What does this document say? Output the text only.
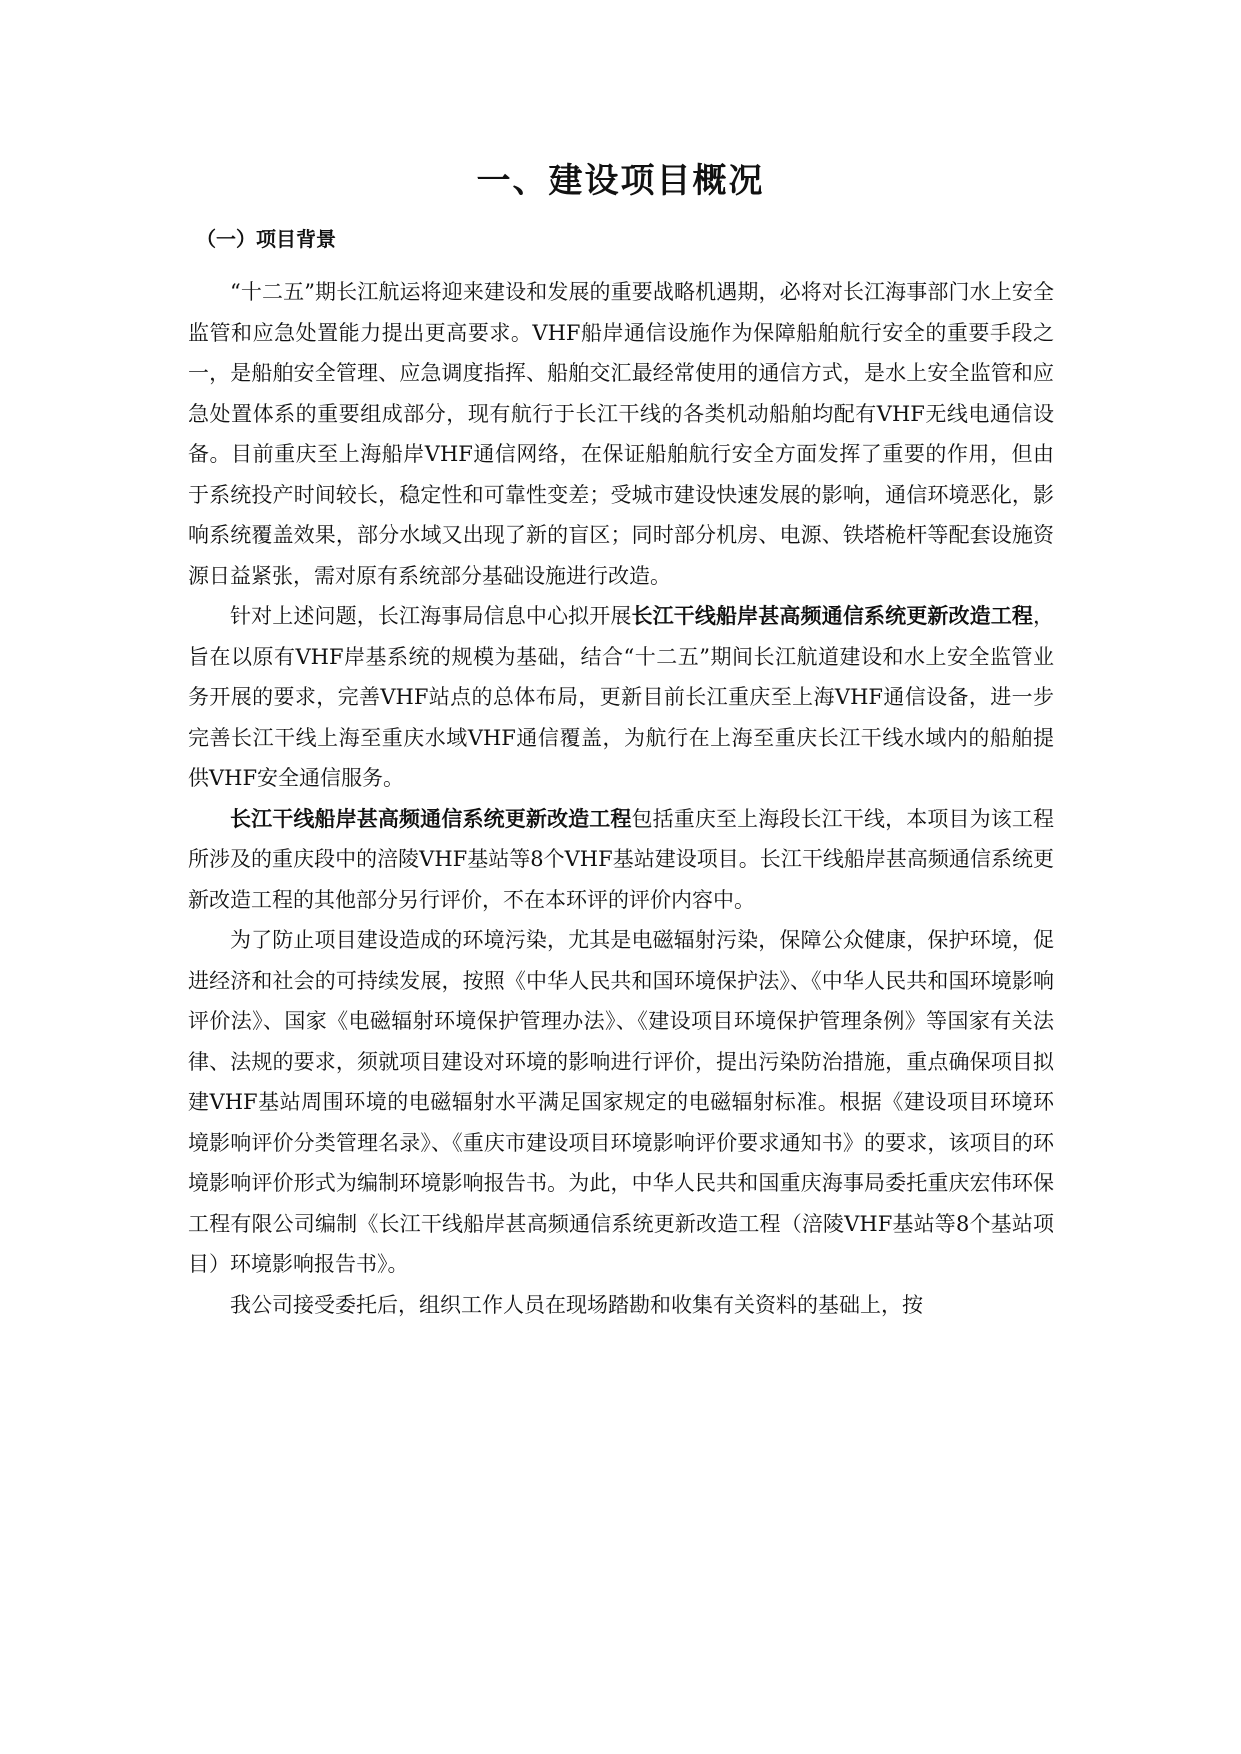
一、建设项目概况
（一）项目背景

“十二五”期长江航运将迎来建设和发展的重要战略机遇期，必将对长江海事部门水上安全监管和应急处置能力提出更高要求。VHF船岸通信设施作为保障船舶航行安全的重要手段之一，是船舶安全管理、应急调度指挥、船舶交汇最经常使用的通信方式，是水上安全监管和应急处置体系的重要组成部分，现有航行于长江干线的各类机动船舶均配有VHF无线电通信设备。目前重庆至上海船岸VHF通信网络，在保证船舶航行安全方面发挥了重要的作用，但由于系统投产时间较长，稳定性和可靠性变差；受城市建设快速发展的影响，通信环境恶化，影响系统覆盖效果，部分水域又出现了新的盲区；同时部分机房、电源、铁塔桅杆等配套设施资源日益紧张，需对原有系统部分基础设施进行改造。

针对上述问题，长江海事局信息中心拟开展长江干线船岸甚高频通信系统更新改造工程，旨在以原有VHF岸基系统的规模为基础，结合“十二五”期间长江航道建设和水上安全监管业务开展的要求，完善VHF站点的总体布局，更新目前长江重庆至上海VHF通信设备，进一步完善长江干线上海至重庆水域VHF通信覆盖，为航行在上海至重庆长江干线水域内的船舶提供VHF安全通信服务。

长江干线船岸甚高频通信系统更新改造工程包括重庆至上海段长江干线，本项目为该工程所涉及的重庆段中的涪陵VHF基站等8个VHF基站建设项目。长江干线船岸甚高频通信系统更新改造工程的其他部分另行评价，不在本环评的评价内容中。

为了防止项目建设造成的环境污染，尤其是电磁辐射污染，保障公众健康，保护环境，促进经济和社会的可持续发展，按照《中华人民共和国环境保护法》、《中华人民共和国环境影响评价法》、国家《电磁辐射环境保护管理办法》、《建设项目环境保护管理条例》等国家有关法律、法规的要求，须就项目建设对环境的影响进行评价，提出污染防治措施，重点确保项目拟建VHF基站周围环境的电磁辐射水平满足国家规定的电磁辐射标准。根据《建设项目环境环境影响评价分类管理名录》、《重庆市建设项目环境影响评价要求通知书》的要求，该项目的环境影响评价形式为编制环境影响报告书。为此，中华人民共和国重庆海事局委托重庆宏伟环保工程有限公司编制《长江干线船岸甚高频通信系统更新改造工程（涪陵VHF基站等8个基站项目）环境影响报告书》。

我公司接受委托后，组织工作人员在现场踏勘和收集有关资料的基础上，按
